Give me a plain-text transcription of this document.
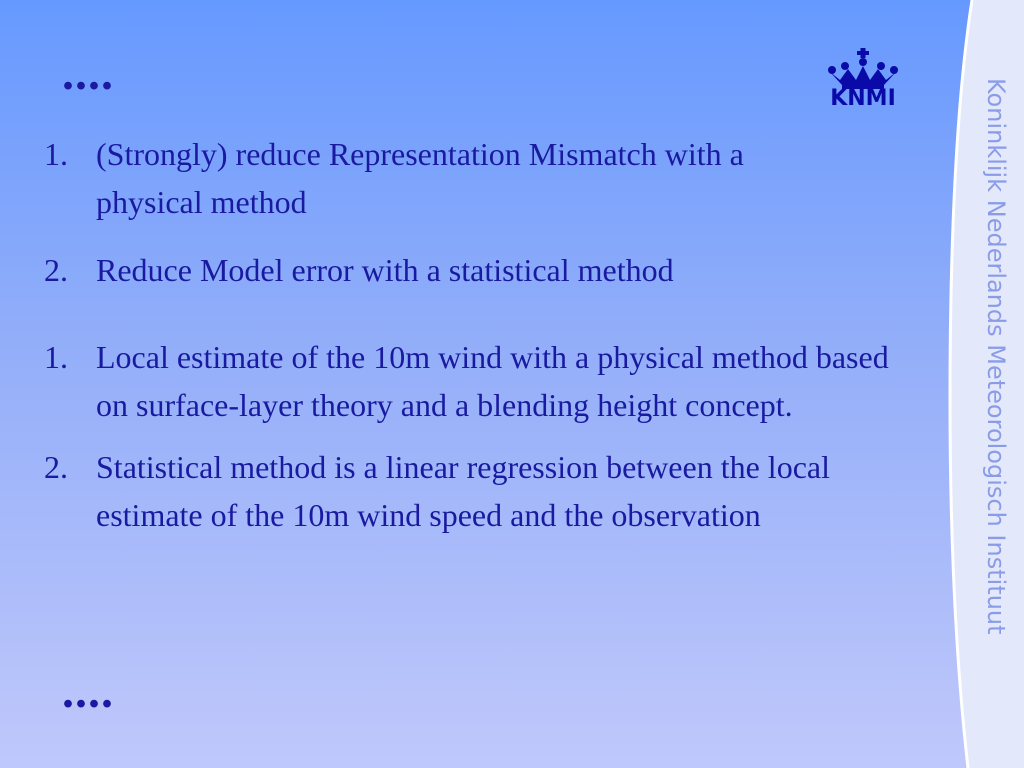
....	KNMI	Koninklijk Nederlands Meteorologisch Instituut
1. (Strongly) reduce Representation Mismatch with a physical method
2. Reduce Model error with a statistical method
1. Local estimate of the 10m wind with a physical method based on surface-layer theory and a blending height concept.
2. Statistical method is a linear regression between the local estimate of the 10m wind speed and the observation
....
